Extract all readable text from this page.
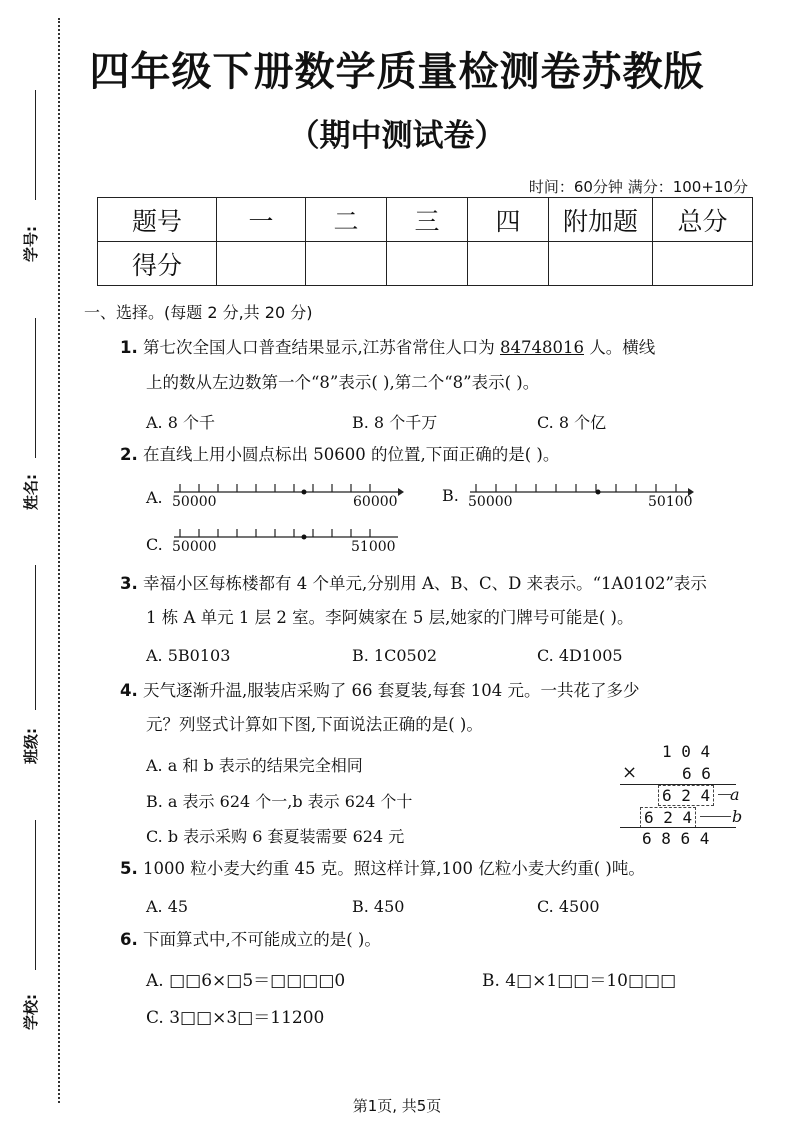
学号:
姓名:
班级:
学校:
四年级下册数学质量检测卷苏教版
（期中测试卷）
时间：60分钟 满分：100+10分
题号	一	二	三	四	附加题	总分
得分						
一、选择。(每题 2 分,共 20 分)
1. 第七次全国人口普查结果显示,江苏省常住人口为 84748016 人。横线
上的数从左边数第一个“8”表示( ),第二个“8”表示( )。
A. 8 个千	B. 8 个千万	C. 8 个亿
2. 在直线上用小圆点标出 50600 的位置,下面正确的是( )。
A. 50000	60000	B. 50000	50100
C. 50000	51000
3. 幸福小区每栋楼都有 4 个单元,分别用 A、B、C、D 来表示。“1A0102”表示
1 栋 A 单元 1 层 2 室。李阿姨家在 5 层,她家的门牌号可能是( )。
A. 5B0103	B. 1C0502	C. 4D1005
4. 天气逐渐升温,服装店采购了 66 套夏装,每套 104 元。一共花了多少
元？列竖式计算如下图,下面说法正确的是( )。
A. a 和 b 表示的结果完全相同
B. a 表示 624 个一,b 表示 624 个十
C. b 表示采购 6 套夏装需要 624 元
1 0 4
×	6 6
6 2 4 a
6 2 4 b
6 8 6 4
5. 1000 粒小麦大约重 45 克。照这样计算,100 亿粒小麦大约重( )吨。
A. 45	B. 450	C. 4500
6. 下面算式中,不可能成立的是( )。
A. □□6×□5＝□□□□0	B. 4□×1□□＝10□□□
C. 3□□×3□＝11200
第1页, 共5页
